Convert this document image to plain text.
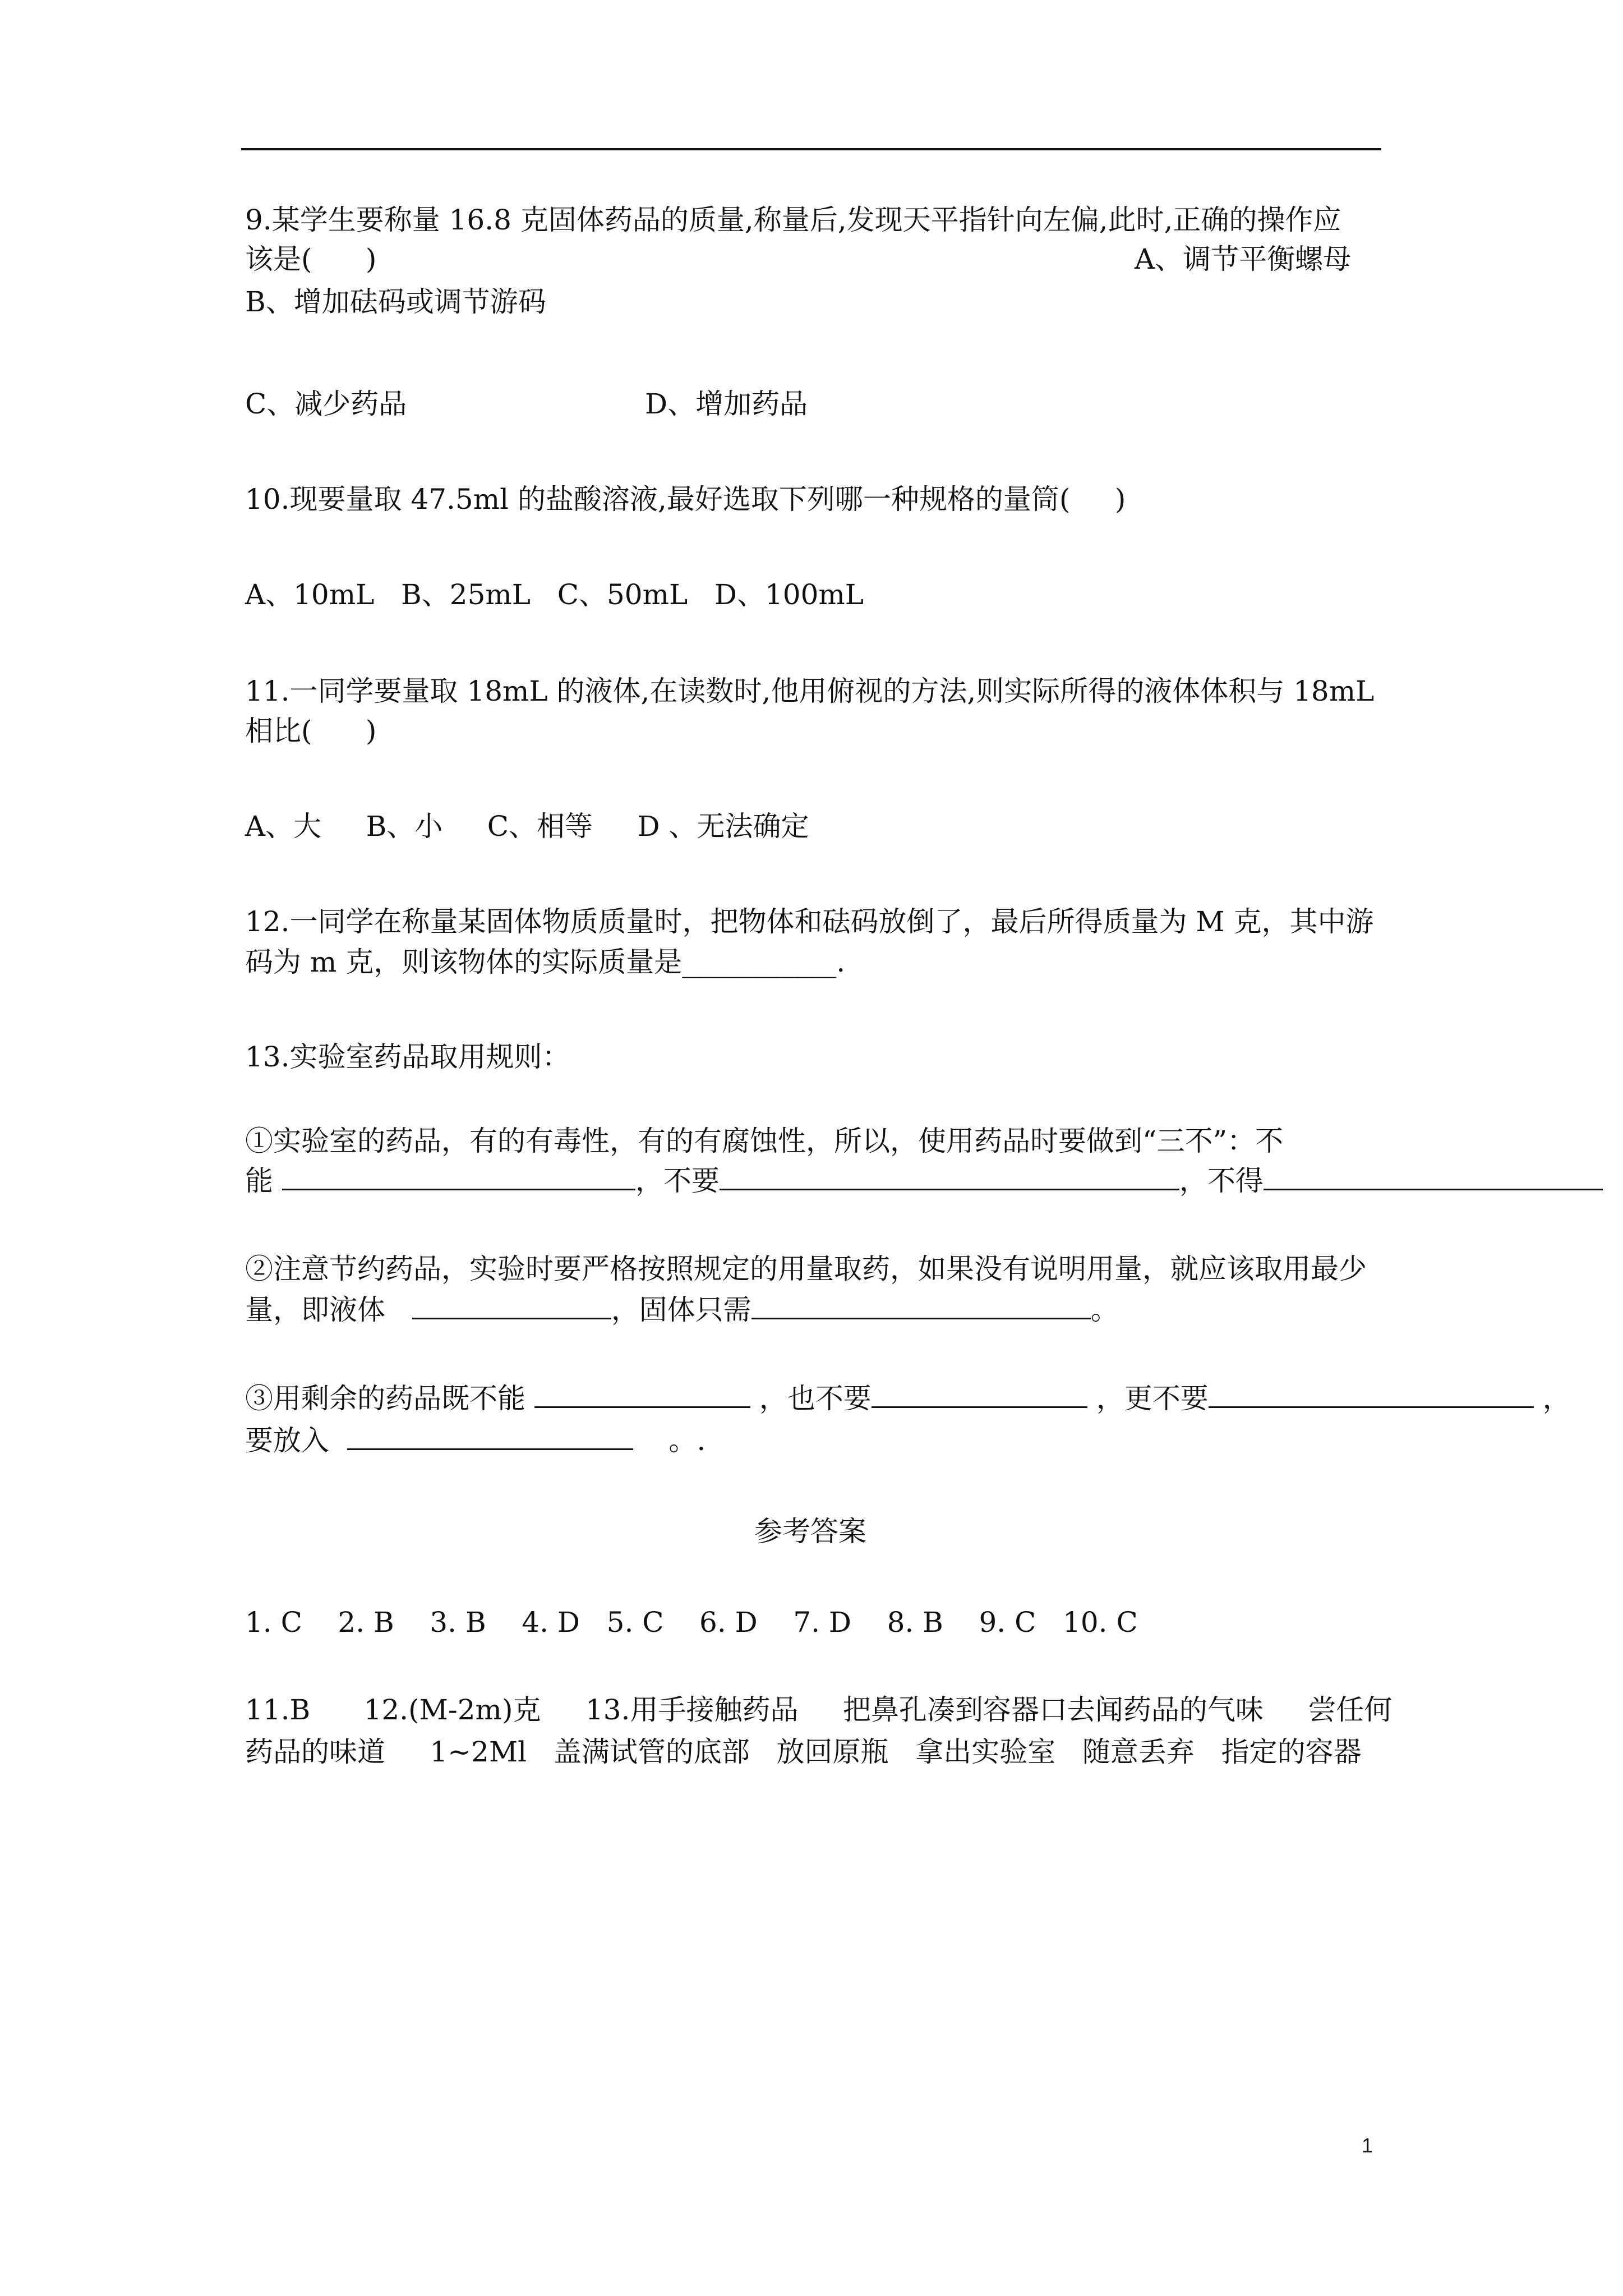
9.某学生要称量 16.8 克固体药品的质量,称量后,发现天平指针向左偏,此时,正确的操作应
该是(      )	A、调节平衡螺母
B、增加砝码或调节游码
C、减少药品	D、增加药品
10.现要量取 47.5ml 的盐酸溶液,最好选取下列哪一种规格的量筒(     )
A、10mL   B、25mL   C、50mL   D、100mL
11.一同学要量取 18mL 的液体,在读数时,他用俯视的方法,则实际所得的液体体积与 18mL
相比(      )
A、大     B、小     C、相等     D 、无法确定
12.一同学在称量某固体物质质量时，把物体和砝码放倒了，最后所得质量为 M 克，其中游
码为 m 克，则该物体的实际质量是___________.
13.实验室药品取用规则：
①实验室的药品，有的有毒性，有的有腐蚀性，所以，使用药品时要做到“三不”：不
能	，不要	，不得
②注意节约药品，实验时要严格按照规定的用量取药，如果没有说明用量，就应该取用最少
量，即液体	，固体只需	。
③用剩余的药品既不能	，也不要	，更不要	，
要放入	。.
参考答案
1. C    2. B    3. B    4. D   5. C    6. D    7. D    8. B    9. C   10. C
11.B      12.(M-2m)克     13.用手接触药品     把鼻孔凑到容器口去闻药品的气味     尝任何
药品的味道     1~2Ml   盖满试管的底部   放回原瓶   拿出实验室   随意丢弃   指定的容器
1
